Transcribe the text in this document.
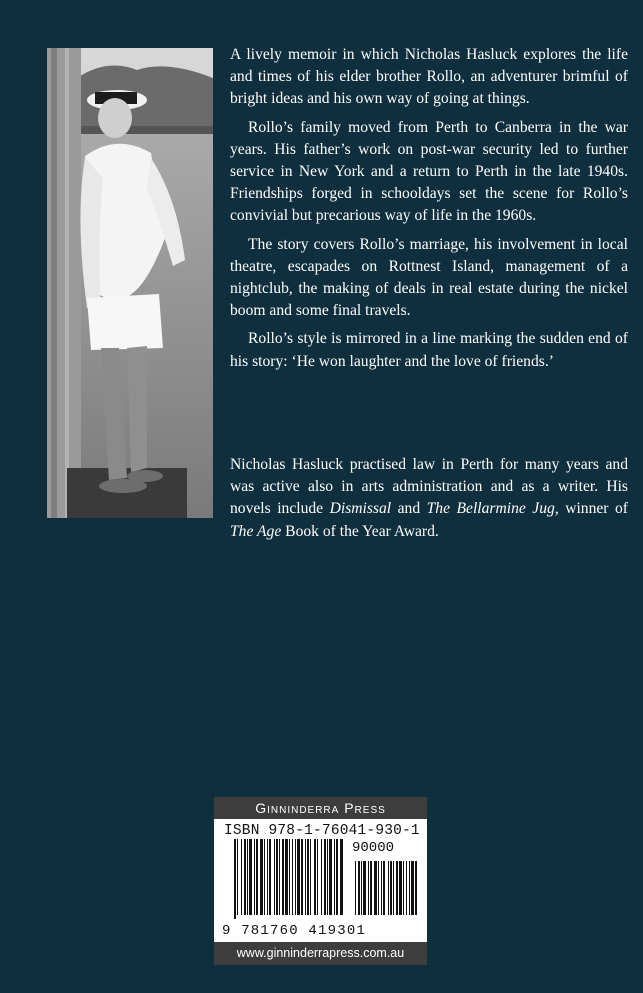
A lively memoir in which Nicholas Hasluck explores the life and times of his elder brother Rollo, an adventurer brimful of bright ideas and his own way of going at things.

Rollo’s family moved from Perth to Canberra in the war years. His father’s work on post-war security led to further service in New York and a return to Perth in the late 1940s. Friendships forged in schooldays set the scene for Rollo’s convivial but precarious way of life in the 1960s.

The story covers Rollo’s marriage, his involvement in local theatre, escapades on Rottnest Island, management of a nightclub, the making of deals in real estate during the nickel boom and some final travels.

Rollo’s style is mirrored in a line marking the sudden end of his story: ‘He won laughter and the love of friends.’

Nicholas Hasluck practised law in Perth for many years and was active also in arts administration and as a writer. His novels include Dismissal and The Bellarmine Jug, winner of The Age Book of the Year Award.

Ginninderra Press
ISBN 978-1-76041-930-1
90000
9 781760 419301
www.ginninderrapress.com.au
